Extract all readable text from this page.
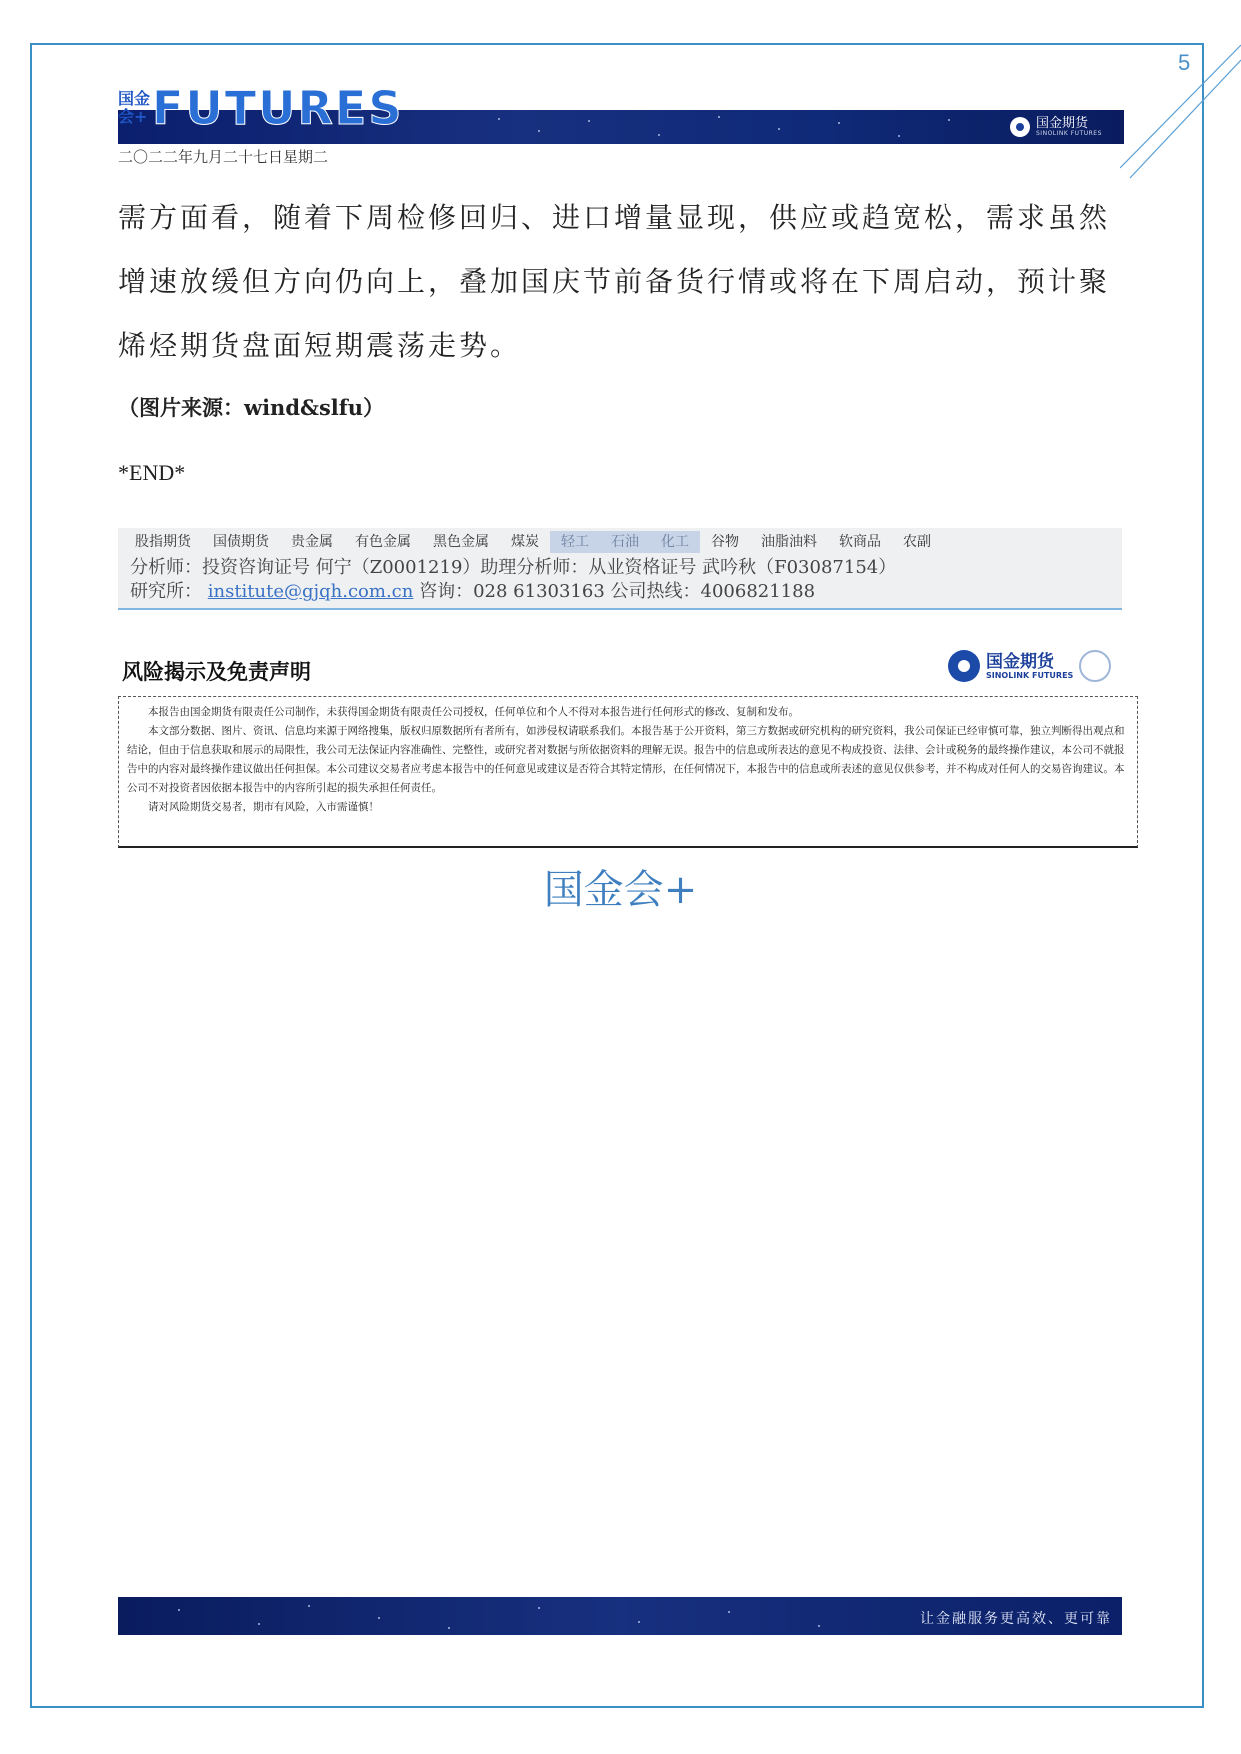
5
国金
会+ FUTURES	国金期货
SINOLINK FUTURES
二〇二二年九月二十七日星期二
需方面看，随着下周检修回归、进口增量显现，供应或趋宽松，需求虽然增速放缓但方向仍向上，叠加国庆节前备货行情或将在下周启动，预计聚烯烃期货盘面短期震荡走势。
（图片来源：wind&slfu）
*END*
股指期货	国债期货	贵金属	有色金属	黑色金属	煤炭	轻工	石油	化工	谷物	油脂油料	软商品	农副
分析师：投资咨询证号 何宁（Z0001219）助理分析师：从业资格证号 武吟秋（F03087154）
研究所： institute@gjqh.com.cn 咨询：028 61303163 公司热线：4006821188
风险揭示及免责声明	国金期货
SINOLINK FUTURES

本报告由国金期货有限责任公司制作，未获得国金期货有限责任公司授权，任何单位和个人不得对本报告进行任何形式的修改、复制和发布。

本文部分数据、图片、资讯、信息均来源于网络搜集，版权归原数据所有者所有，如涉侵权请联系我们。本报告基于公开资料，第三方数据或研究机构的研究资料，我公司保证已经审慎可靠，独立判断得出观点和结论，但由于信息获取和展示的局限性，我公司无法保证内容准确性、完整性，或研究者对数据与所依据资料的理解无误。报告中的信息或所表达的意见不构成投资、法律、会计或税务的最终操作建议，本公司不就报告中的内容对最终操作建议做出任何担保。本公司建议交易者应考虑本报告中的任何意见或建议是否符合其特定情形，在任何情况下，本报告中的信息或所表述的意见仅供参考，并不构成对任何人的交易咨询建议。本公司不对投资者因依据本报告中的内容所引起的损失承担任何责任。

请对风险期货交易者，期市有风险，入市需谨慎！

国金会+
让金融服务更高效、更可靠
